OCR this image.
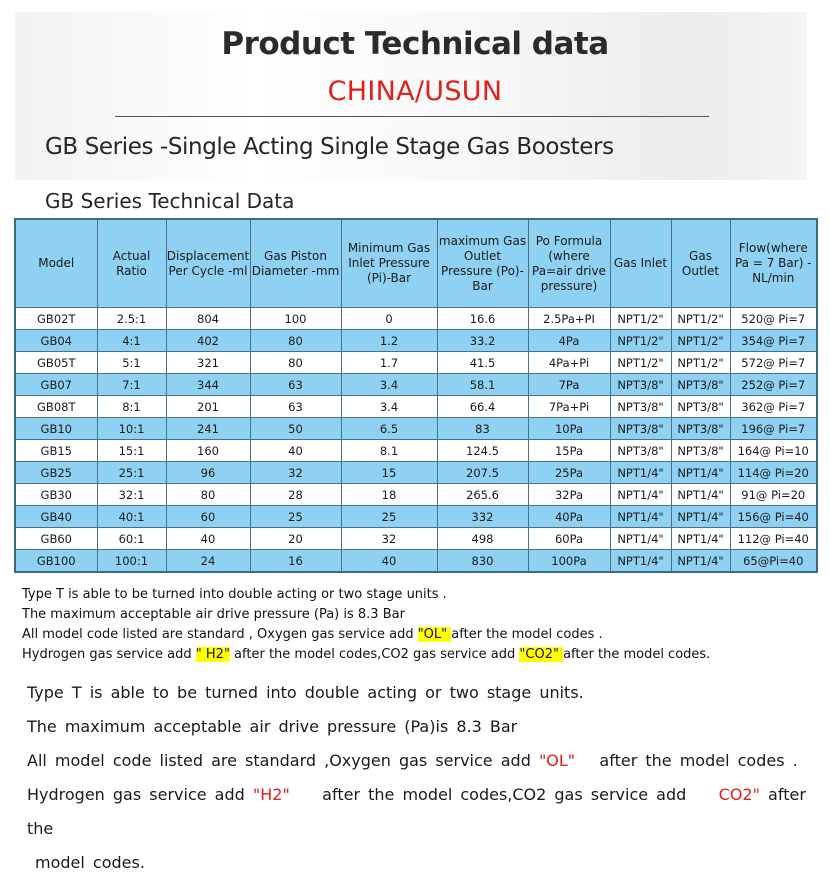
Product Technical data
CHINA/USUN
GB Series -Single Acting Single Stage Gas Boosters
GB Series Technical Data
Model	Actual Ratio	Displacement Per Cycle -ml	Gas Piston Diameter -mm	Minimum Gas Inlet Pressure (Pi)-Bar	maximum Gas Outlet Pressure (Po)- Bar	Po Formula (where Pa=air drive pressure)	Gas Inlet	Gas Outlet	Flow(where Pa = 7 Bar) - NL/min
GB02T	2.5:1	804	100	0	16.6	2.5Pa+PI	NPT1/2"	NPT1/2"	520@ Pi=7
GB04	4:1	402	80	1.2	33.2	4Pa	NPT1/2"	NPT1/2"	354@ Pi=7
GB05T	5:1	321	80	1.7	41.5	4Pa+Pi	NPT1/2"	NPT1/2"	572@ Pi=7
GB07	7:1	344	63	3.4	58.1	7Pa	NPT3/8"	NPT3/8"	252@ Pi=7
GB08T	8:1	201	63	3.4	66.4	7Pa+Pi	NPT3/8"	NPT3/8"	362@ Pi=7
GB10	10:1	241	50	6.5	83	10Pa	NPT3/8"	NPT3/8"	196@ Pi=7
GB15	15:1	160	40	8.1	124.5	15Pa	NPT3/8"	NPT3/8"	164@ Pi=10
GB25	25:1	96	32	15	207.5	25Pa	NPT1/4"	NPT1/4"	114@ Pi=20
GB30	32:1	80	28	18	265.6	32Pa	NPT1/4"	NPT1/4"	91@ Pi=20
GB40	40:1	60	25	25	332	40Pa	NPT1/4"	NPT1/4"	156@ Pi=40
GB60	60:1	40	20	32	498	60Pa	NPT1/4"	NPT1/4"	112@ Pi=40
GB100	100:1	24	16	40	830	100Pa	NPT1/4"	NPT1/4"	65@Pi=40
Type T is able to be turned into double acting or two stage units .
The maximum acceptable air drive pressure (Pa) is 8.3 Bar
All model code listed are standard , Oxygen gas service add "OL" after the model codes .
Hydrogen gas service add " H2" after the model codes,CO2 gas service add "CO2" after the model codes.
Type T is able to be turned into double acting or two stage units.
The maximum acceptable air drive pressure (Pa)is 8.3 Bar
All model code listed are standard ,Oxygen gas service add "OL"   after the model codes .
Hydrogen gas service add "H2"    after the model codes,CO2 gas service add    CO2" after the
model codes.
